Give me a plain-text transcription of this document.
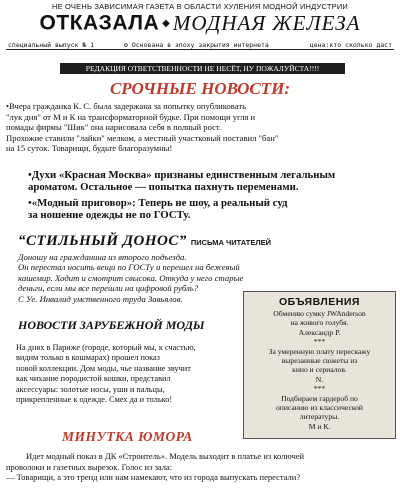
НЕ ОЧЕНЬ ЗАВИСИМАЯ ГАЗЕТА В ОБЛАСТИ ХУЛЕНИЯ МОДНОЙ ИНДУСТРИИ
ОТКАЗАЛА ◆ МОДНАЯ ЖЕЛЕЗА
специальный выпуск № 1	⚙ Основана в эпоху закрытия интернета	цена:кто сколько даст
РЕДАКЦИЯ ОТВЕТСТВЕННОСТИ НЕ НЕСЁТ, НУ ПОЖАЛУЙСТА!!!!
СРОЧНЫЕ НОВОСТИ:
•Вчера гражданка К. С. была задержана за попытку опубликовать
"лук дня" от М и К на трансформаторной будке. При помощи угля и
помады фирмы "Шик" она нарисовала себя в полный рост.
Прохожие ставили "лайки" мелком, а местный участковый поставил "бан"
на 15 суток. Товарищи, будьте благоразумны!
•Духи «Красная Москва» признаны единственным легальным
ароматом. Остальное — попытка пахнуть переменами.
•«Модный приговор»: Теперь не шоу, а реальный суд
за ношение одежды не по ГОСТу.
“СТИЛЬНЫЙ ДОНОС” ПИСЬМА ЧИТАТЕЛЕЙ
Доношу на гражданина из второго подъезда.
Он перестал носить вещи по ГОСТу и перешел на бежевый
кашемир. Ходит и смотрит свысока. Откуда у него старые
деньги, если мы все перешли на цифровой рубль?
С Уе. Инвалид умственного труда Завьялов.
НОВОСТИ ЗАРУБЕЖНОЙ МОДЫ
На днях в Париже (городе, который мы, к счастью,
видим только в кошмарах) прошел показ
новой коллекции. Дом моды, чье название звучит
как чихание породистой кошки, представил
аксессуары: золотые носы, уши и пальцы,
прикрепленные к одежде. Смех да и только!
ОБЪЯВЛЕНИЯ
Обменяю сумку JWAnderson
на живого голубя.
Александр Р.
***
За умеренную плату перескажу
вырезанные сюжеты из
кино и сериалов.
N.
***
Подбираем гардероб по
описанию из классической
литературы.
М и К.
МИНУТКА ЮМОРА
Идет модный показ в ДК «Строитель». Модель выходит в платье из колючей
проволоки и газетных вырезок. Голос из зала:
— Товарищи, а это тренд или нам намекают, что из города выпускать перестали?
